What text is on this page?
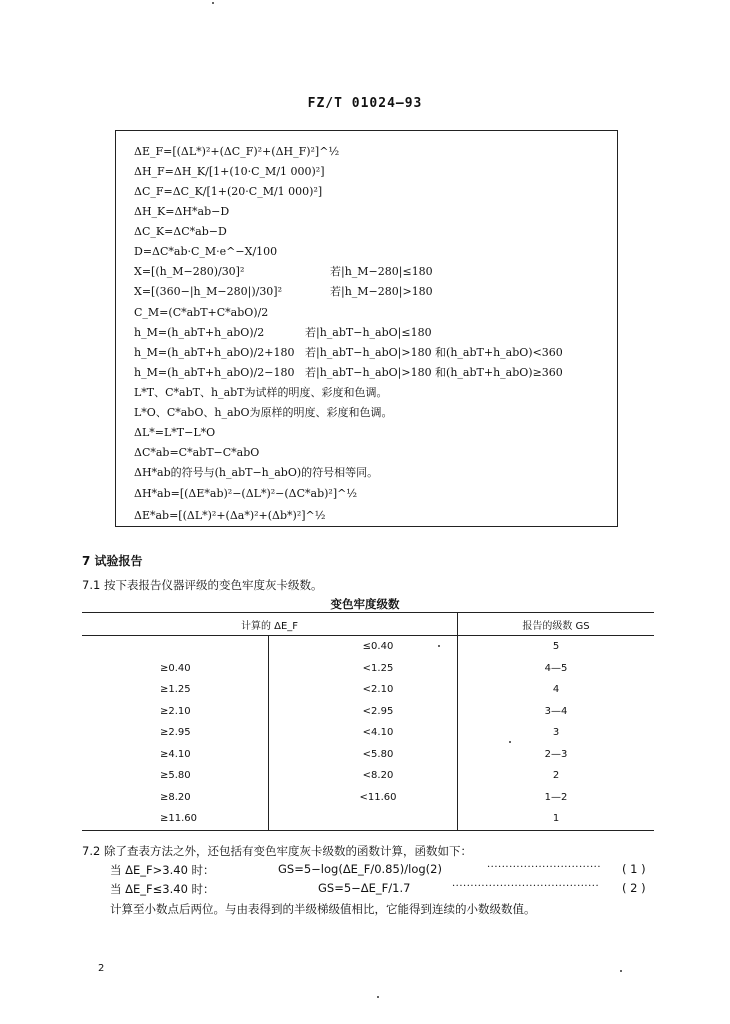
FZ/T 01024—93
ΔE_F=[(ΔL*)²+(ΔC_F)²+(ΔH_F)²]^½
ΔH_F=ΔH_K/[1+(10·C_M/1 000)²]
ΔC_F=ΔC_K/[1+(20·C_M/1 000)²]
ΔH_K=ΔH*ab−D
ΔC_K=ΔC*ab−D
D=ΔC*ab·C_M·e^−X/100
X=[(h_M−280)/30]²	若|h_M−280|≤180
X=[(360−|h_M−280|)/30]²	若|h_M−280|>180
C_M=(C*abT+C*abO)/2
h_M=(h_abT+h_abO)/2	若|h_abT−h_abO|≤180
h_M=(h_abT+h_abO)/2+180 若|h_abT−h_abO|>180 和(h_abT+h_abO)<360
h_M=(h_abT+h_abO)/2−180 若|h_abT−h_abO|>180 和(h_abT+h_abO)≥360
L*T、C*abT、h_abT为试样的明度、彩度和色调。
L*O、C*abO、h_abO为原样的明度、彩度和色调。
ΔL*=L*T−L*O
ΔC*ab=C*abT−C*abO
ΔH*ab的符号与(h_abT−h_abO)的符号相等同。
ΔH*ab=[(ΔE*ab)²−(ΔL*)²−(ΔC*ab)²]^½
ΔE*ab=[(ΔL*)²+(Δa*)²+(Δb*)²]^½
7 试验报告
7.1 按下表报告仪器评级的变色牢度灰卡级数。
变色牢度级数
计算的 ΔE_F		报告的级数 GS
	≤0.40	5
≥0.40	<1.25	4—5
≥1.25	<2.10	4
≥2.10	<2.95	3—4
≥2.95	<4.10	3
≥4.10	<5.80	2—3
≥5.80	<8.20	2
≥8.20	<11.60	1—2
≥11.60		1
7.2 除了查表方法之外，还包括有变色牢度灰卡级数的函数计算，函数如下：
当 ΔE_F>3.40 时：	GS=5−log(ΔE_F/0.85)/log(2)	······························· ( 1 )
当 ΔE_F≤3.40 时：	GS=5−ΔE_F/1.7	········································ ( 2 )
计算至小数点后两位。与由表得到的半级梯级值相比，它能得到连续的小数级数值。
2
